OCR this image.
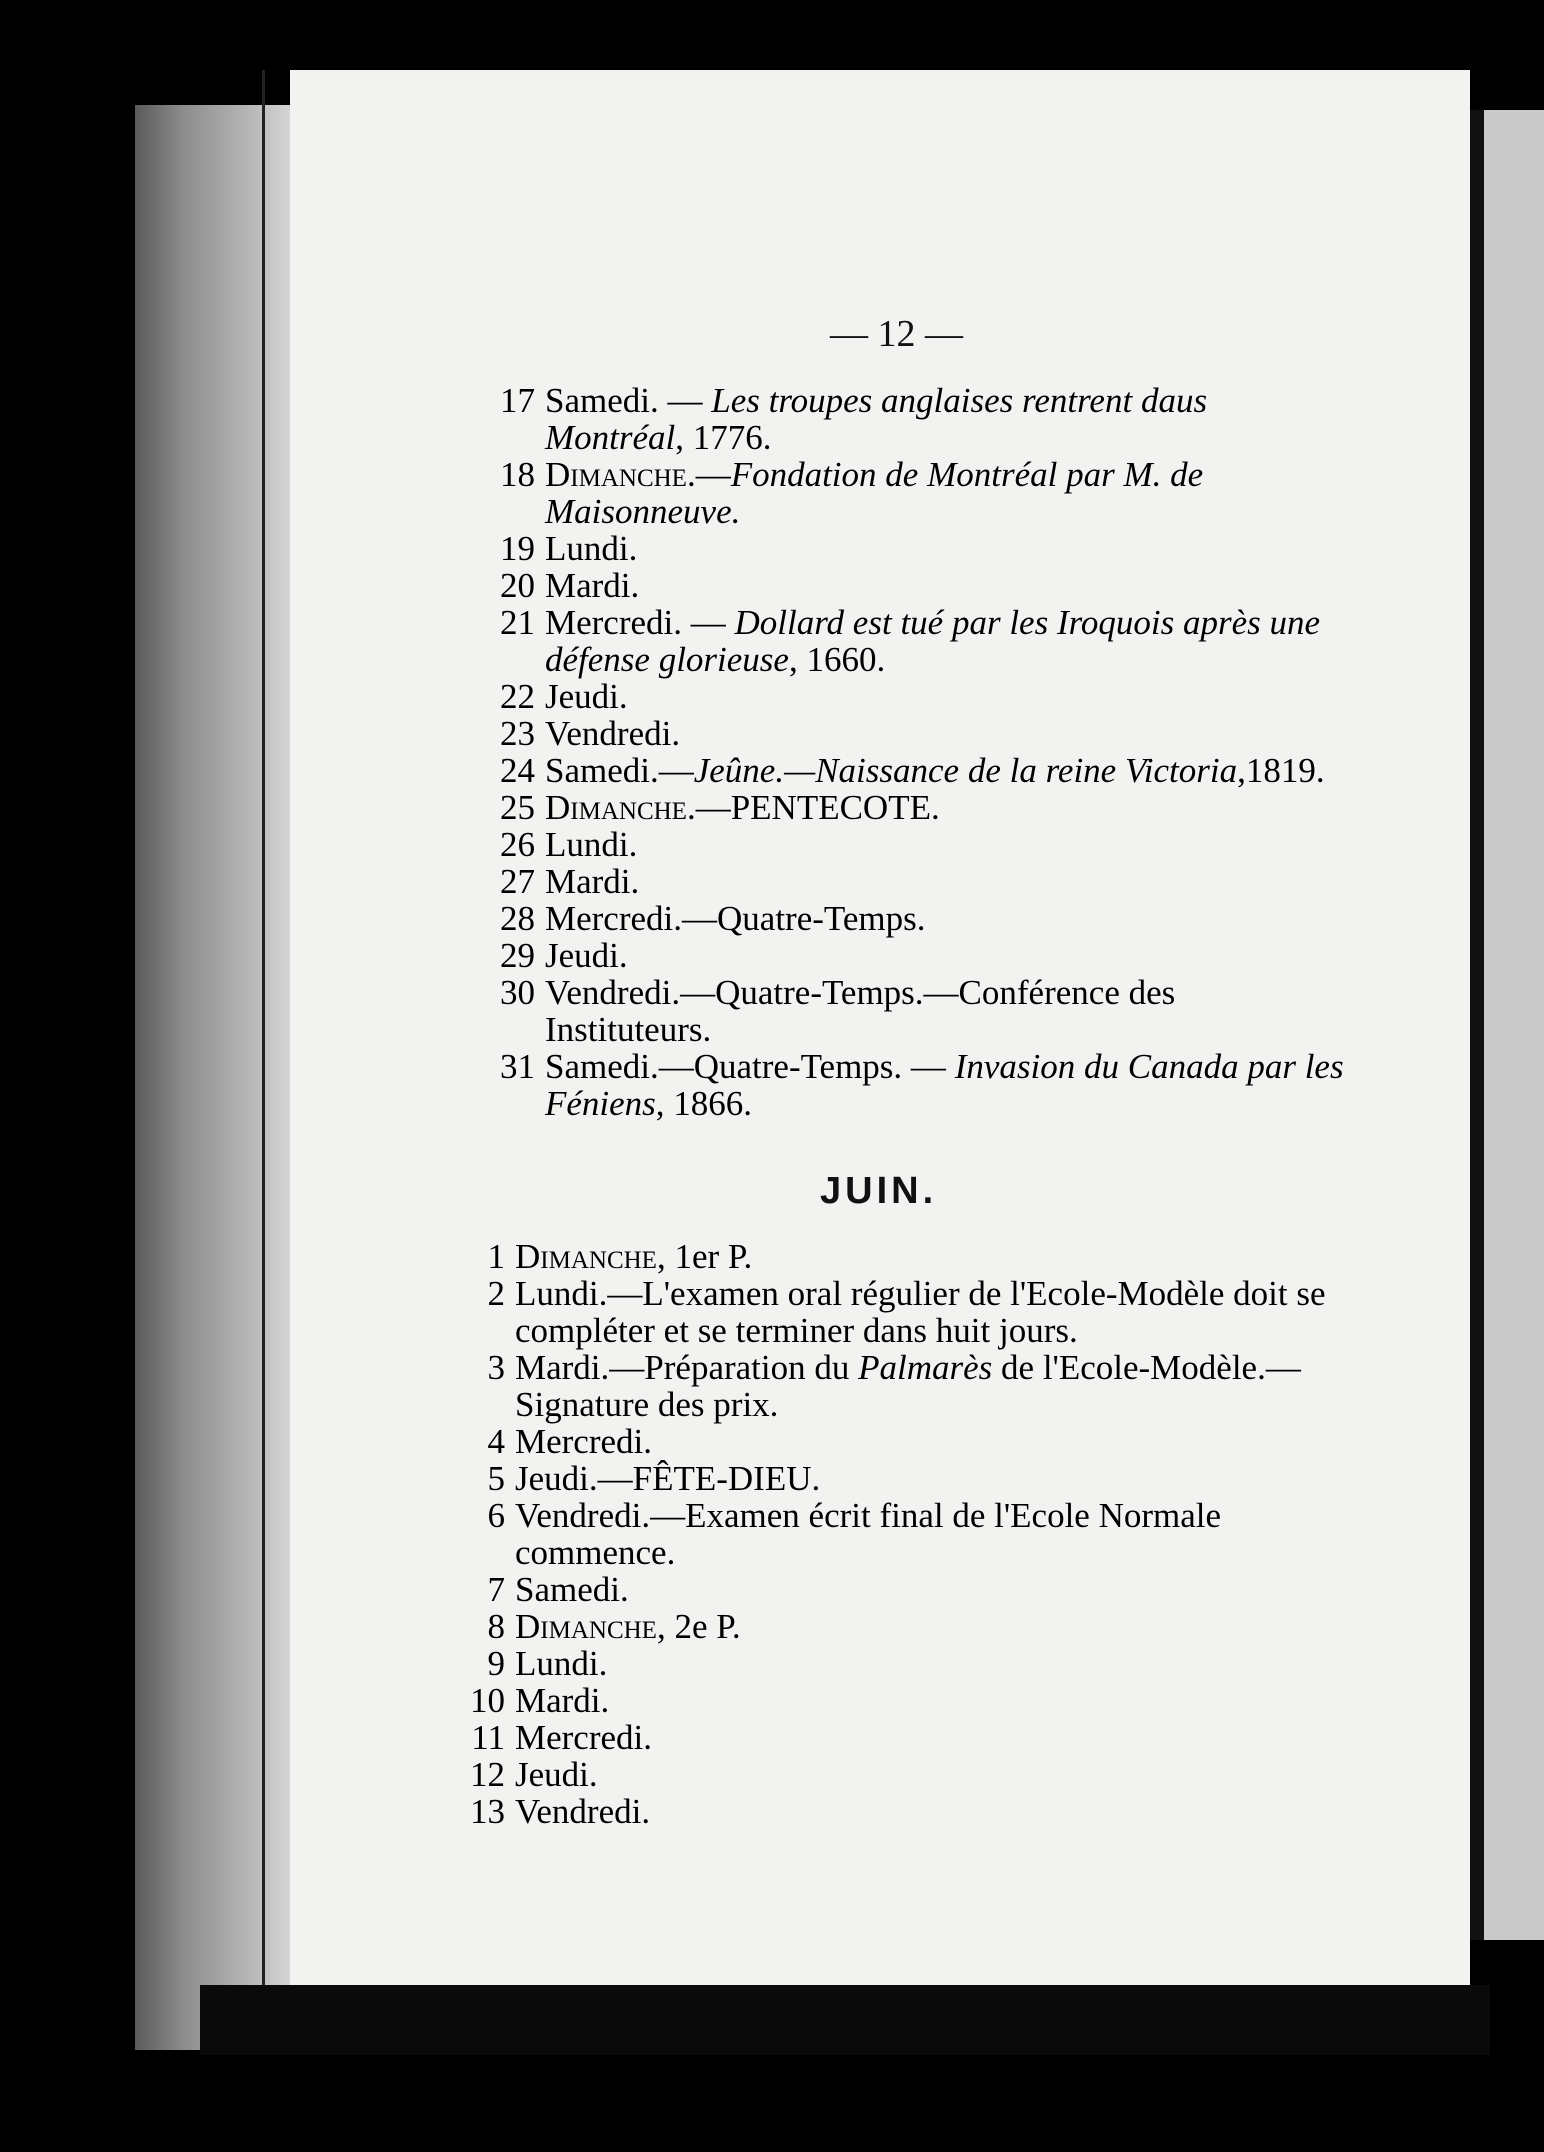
— 12 —
17 Samedi. — Les troupes anglaises rentrent daus Montréal, 1776.
18 Dimanche.—Fondation de Montréal par M. de Maisonneuve.
19 Lundi.
20 Mardi.
21 Mercredi. — Dollard est tué par les Iroquois après une défense glorieuse, 1660.
22 Jeudi.
23 Vendredi.
24 Samedi.—Jeûne.—Naissance de la reine Victoria,1819.
25 Dimanche.—PENTECOTE.
26 Lundi.
27 Mardi.
28 Mercredi.—Quatre-Temps.
29 Jeudi.
30 Vendredi.—Quatre-Temps.—Conférence des Instituteurs.
31 Samedi.—Quatre-Temps. — Invasion du Canada par les Féniens, 1866.
JUIN.
1 Dimanche, 1er P.
2 Lundi.—L'examen oral régulier de l'Ecole-Modèle doit se compléter et se terminer dans huit jours.
3 Mardi.—Préparation du Palmarès de l'Ecole-Modèle.—Signature des prix.
4 Mercredi.
5 Jeudi.—FÊTE-DIEU.
6 Vendredi.—Examen écrit final de l'Ecole Normale commence.
7 Samedi.
8 Dimanche, 2e P.
9 Lundi.
10 Mardi.
11 Mercredi.
12 Jeudi.
13 Vendredi.
